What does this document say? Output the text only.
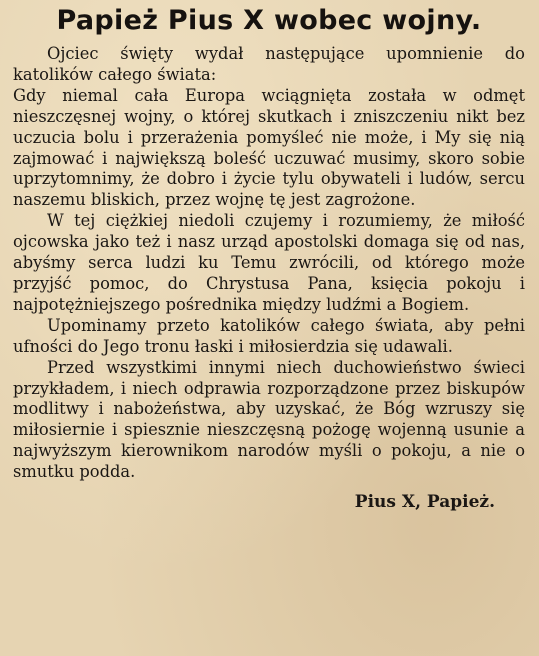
Papież Pius X wobec wojny.

Ojciec święty wydał następujące upomnienie do katolików całego świata:

Gdy niemal cała Europa wciągnięta została w odmęt nieszczęsnej wojny, o której skutkach i zniszczeniu nikt bez uczucia bolu i przerażenia pomyśleć nie może, i My się nią zajmować i największą boleść uczuwać musimy, skoro sobie uprzytomnimy, że dobro i życie tylu obywateli i ludów, sercu naszemu bliskich, przez wojnę tę jest zagrożone.

W tej ciężkiej niedoli czujemy i rozumiemy, że miłość ojcowska jako też i nasz urząd apostolski domaga się od nas, abyśmy serca ludzi ku Temu zwrócili, od którego może przyjść pomoc, do Chrystusa Pana, księcia pokoju i najpotężniejszego pośrednika między ludźmi a Bogiem.

Upominamy przeto katolików całego świata, aby pełni ufności do Jego tronu łaski i miłosierdzia się udawali.

Przed wszystkimi innymi niech duchowieństwo świeci przykładem, i niech odprawia rozporządzone przez biskupów modlitwy i nabożeństwa, aby uzyskać, że Bóg wzruszy się miłosiernie i spiesznie nieszczęsną pożogę wojenną usunie a najwyższym kierownikom narodów myśli o pokoju, a nie o smutku podda.

Pius X, Papież.
